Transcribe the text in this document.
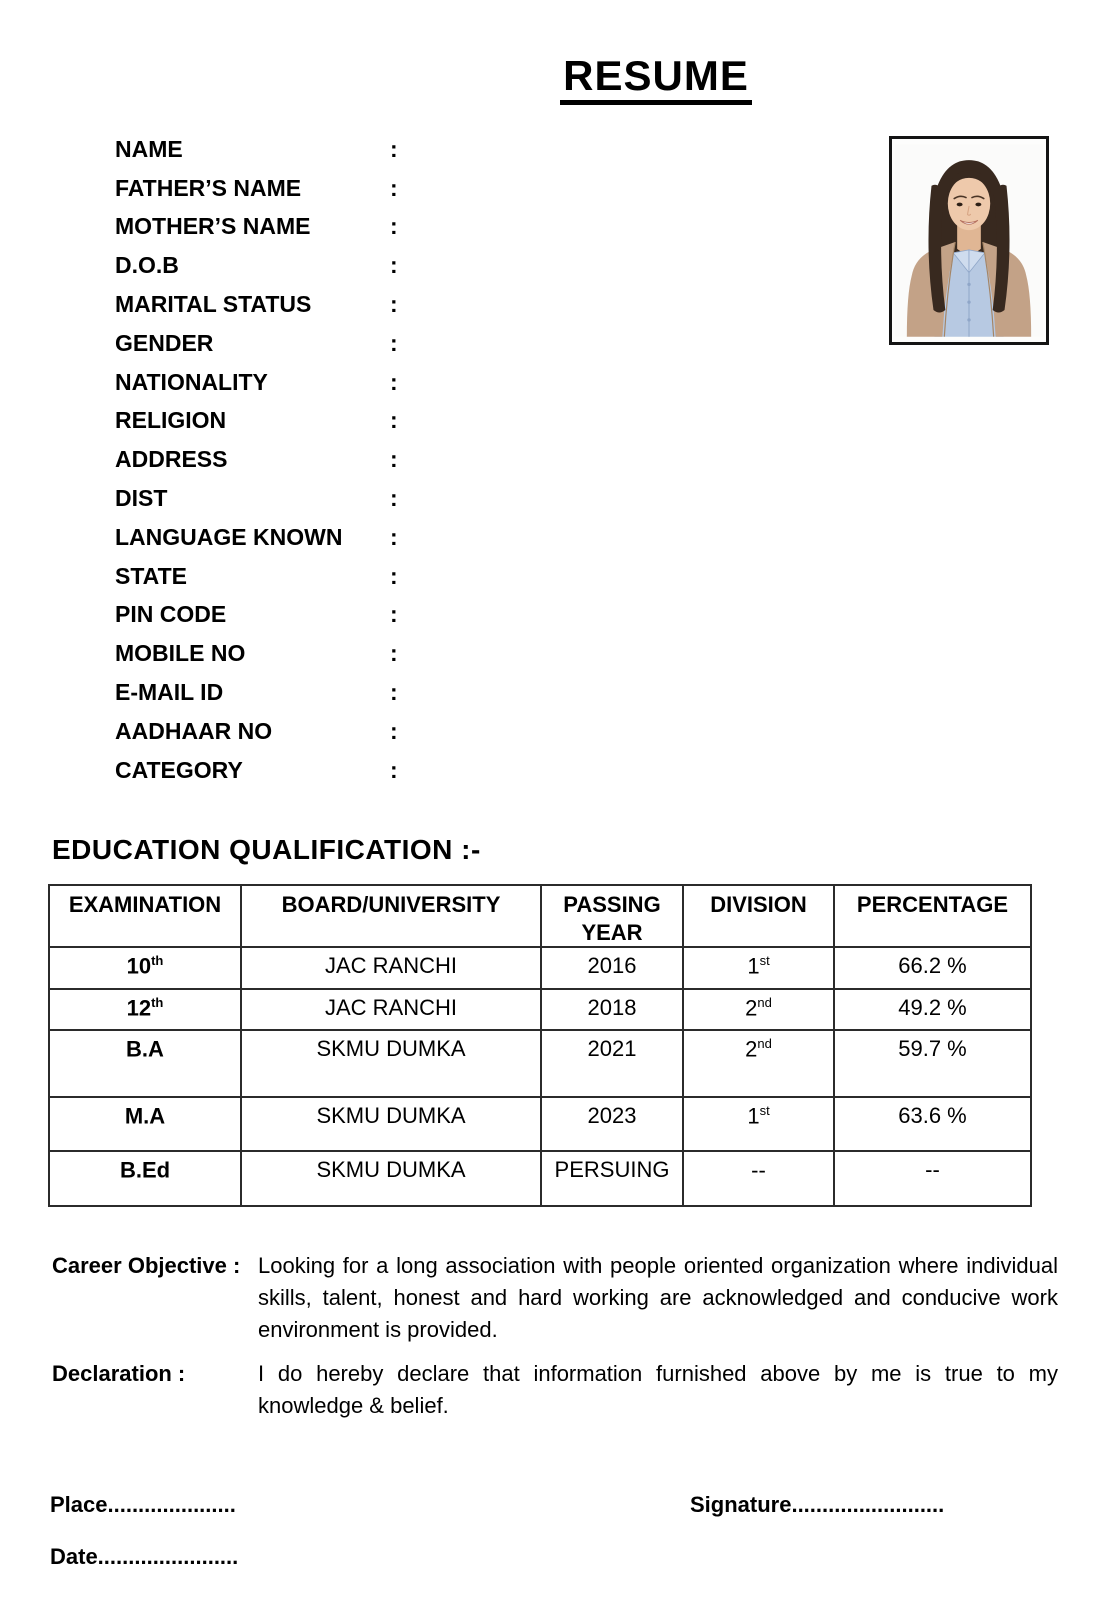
RESUME
NAME	:
FATHER’S NAME	:
MOTHER’S NAME	:
D.O.B	:
MARITAL STATUS	:
GENDER	:
NATIONALITY	:
RELIGION	:
ADDRESS	:
DIST	:
LANGUAGE KNOWN	:
STATE	:
PIN CODE	:
MOBILE NO	:
E-MAIL ID	:
AADHAAR NO	:
CATEGORY	:
EDUCATION QUALIFICATION :-
EXAMINATION	BOARD/UNIVERSITY	PASSING YEAR	DIVISION	PERCENTAGE
10th	JAC RANCHI	2016	1st	66.2 %
12th	JAC RANCHI	2018	2nd	49.2 %
B.A	SKMU DUMKA	2021	2nd	59.7 %
M.A	SKMU DUMKA	2023	1st	63.6 %
B.Ed	SKMU DUMKA	PERSUING	--	--
Career Objective : Looking for a long association with people oriented organization where individual skills, talent, honest and hard working are acknowledged and conducive work environment is provided.
Declaration :	I do hereby declare that information furnished above by me is true to my knowledge & belief.
Place.....................	Signature.........................
Date.......................
